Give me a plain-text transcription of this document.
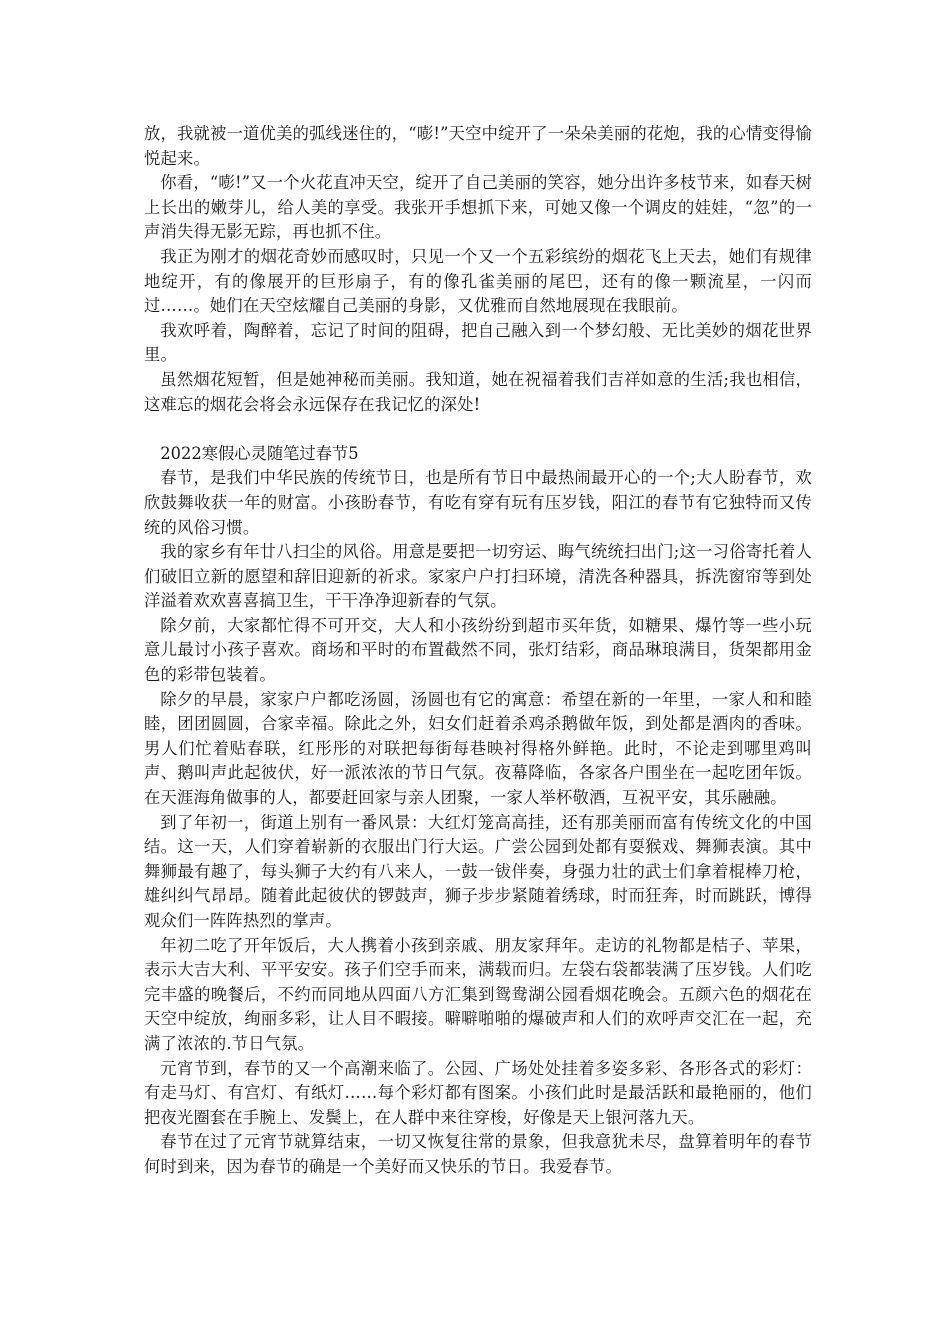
放，我就被一道优美的弧线迷住的，“嘭!”天空中绽开了一朵朵美丽的花炮，我的心情变得愉悦起来。

你看，“嘭!”又一个火花直冲天空，绽开了自己美丽的笑容，她分出许多枝节来，如春天树上长出的嫩芽儿，给人美的享受。我张开手想抓下来，可她又像一个调皮的娃娃，“忽”的一声消失得无影无踪，再也抓不住。

我正为刚才的烟花奇妙而感叹时，只见一个又一个五彩缤纷的烟花飞上天去，她们有规律地绽开，有的像展开的巨形扇子，有的像孔雀美丽的尾巴，还有的像一颗流星，一闪而过……。她们在天空炫耀自己美丽的身影，又优雅而自然地展现在我眼前。

我欢呼着，陶醉着，忘记了时间的阻碍，把自己融入到一个梦幻般、无比美妙的烟花世界里。

虽然烟花短暂，但是她神秘而美丽。我知道，她在祝福着我们吉祥如意的生活;我也相信，这难忘的烟花会将会永远保存在我记忆的深处!

2022寒假心灵随笔过春节5

春节，是我们中华民族的传统节日，也是所有节日中最热闹最开心的一个;大人盼春节，欢欣鼓舞收获一年的财富。小孩盼春节，有吃有穿有玩有压岁钱，阳江的春节有它独特而又传统的风俗习惯。

我的家乡有年廿八扫尘的风俗。用意是要把一切穷运、晦气统统扫出门;这一习俗寄托着人们破旧立新的愿望和辞旧迎新的祈求。家家户户打扫环境，清洗各种器具，拆洗窗帘等到处洋溢着欢欢喜喜搞卫生，干干净净迎新春的气氛。

除夕前，大家都忙得不可开交，大人和小孩纷纷到超市买年货，如糖果、爆竹等一些小玩意儿最讨小孩子喜欢。商场和平时的布置截然不同，张灯结彩，商品琳琅满目，货架都用金色的彩带包装着。

除夕的早晨，家家户户都吃汤圆，汤圆也有它的寓意：希望在新的一年里，一家人和和睦睦，团团圆圆，合家幸福。除此之外，妇女们赶着杀鸡杀鹅做年饭，到处都是酒肉的香味。男人们忙着贴春联，红彤彤的对联把每街每巷映衬得格外鲜艳。此时，不论走到哪里鸡叫声、鹅叫声此起彼伏，好一派浓浓的节日气氛。夜幕降临，各家各户围坐在一起吃团年饭。在天涯海角做事的人，都要赶回家与亲人团聚，一家人举杯敬酒，互祝平安，其乐融融。

到了年初一，街道上别有一番风景：大红灯笼高高挂，还有那美丽而富有传统文化的中国结。这一天，人们穿着崭新的衣服出门行大运。广尝公园到处都有耍猴戏、舞狮表演。其中舞狮最有趣了，每头狮子大约有八来人，一鼓一钹伴奏，身强力壮的武士们拿着棍棒刀枪，雄纠纠气昂昂。随着此起彼伏的锣鼓声，狮子步步紧随着绣球，时而狂奔，时而跳跃，博得观众们一阵阵热烈的掌声。

年初二吃了开年饭后，大人携着小孩到亲戚、朋友家拜年。走访的礼物都是桔子、苹果，表示大吉大利、平平安安。孩子们空手而来，满载而归。左袋右袋都装满了压岁钱。人们吃完丰盛的晚餐后，不约而同地从四面八方汇集到鸳鸯湖公园看烟花晚会。五颜六色的烟花在天空中绽放，绚丽多彩，让人目不暇接。噼噼啪啪的爆破声和人们的欢呼声交汇在一起，充满了浓浓的.节日气氛。

元宵节到，春节的又一个高潮来临了。公园、广场处处挂着多姿多彩、各形各式的彩灯：有走马灯、有宫灯、有纸灯……每个彩灯都有图案。小孩们此时是最活跃和最艳丽的，他们把夜光圈套在手腕上、发鬓上，在人群中来往穿梭，好像是天上银河落九天。

春节在过了元宵节就算结束，一切又恢复往常的景象，但我意犹未尽，盘算着明年的春节何时到来，因为春节的确是一个美好而又快乐的节日。我爱春节。
